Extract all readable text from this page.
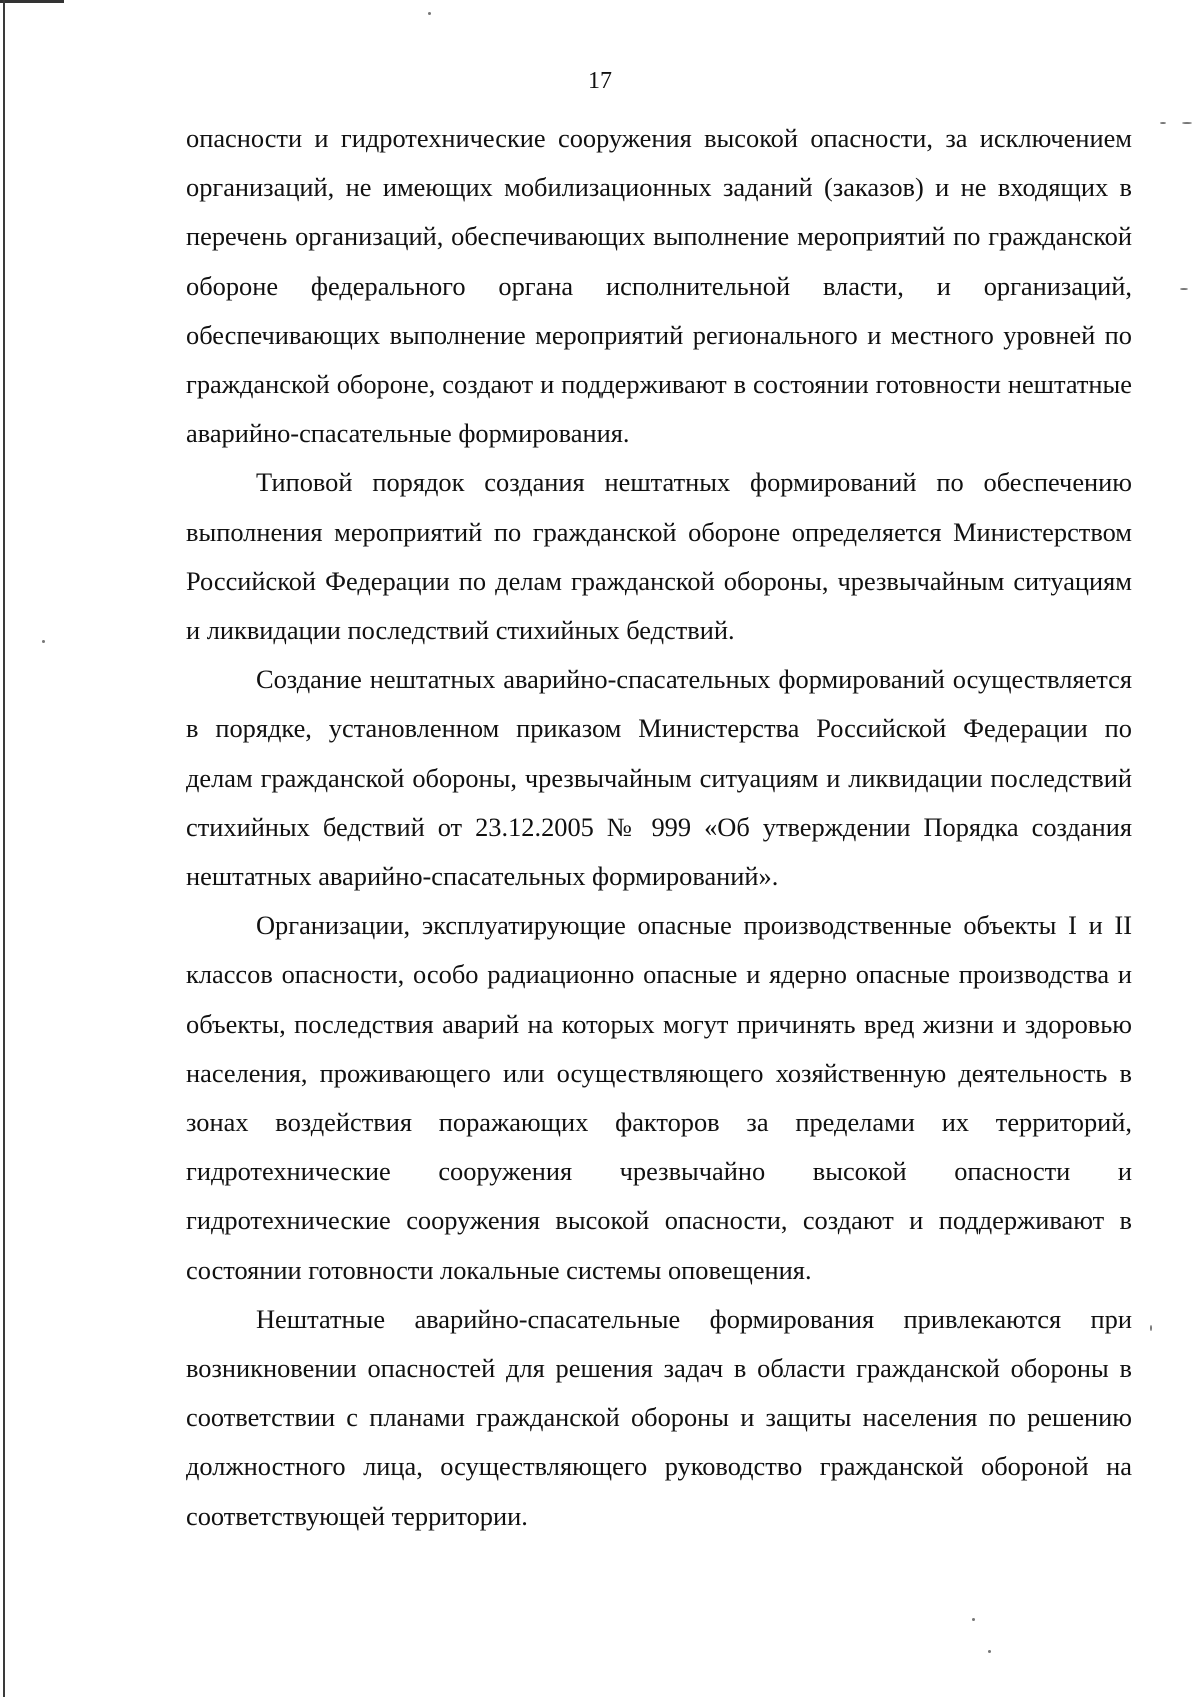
17

опасности и гидротехнические сооружения высокой опасности, за исключением организаций, не имеющих мобилизационных заданий (заказов) и не входящих в перечень организаций, обеспечивающих выполнение мероприятий по гражданской обороне федерального органа исполнительной власти, и организаций, обеспечивающих выполнение мероприятий регионального и местного уровней по гражданской обороне, создают и поддерживают в состоянии готовности нештатные аварийно-спасательные формирования.

Типовой порядок создания нештатных формирований по обеспечению выполнения мероприятий по гражданской обороне определяется Министерством Российской Федерации по делам гражданской обороны, чрезвычайным ситуациям и ликвидации последствий стихийных бедствий.

Создание нештатных аварийно-спасательных формирований осуществляется в порядке, установленном приказом Министерства Российской Федерации по делам гражданской обороны, чрезвычайным ситуациям и ликвидации последствий стихийных бедствий от 23.12.2005 № 999 «Об утверждении Порядка создания нештатных аварийно-спасательных формирований».

Организации, эксплуатирующие опасные производственные объекты I и II классов опасности, особо радиационно опасные и ядерно опасные производства и объекты, последствия аварий на которых могут причинять вред жизни и здоровью населения, проживающего или осуществляющего хозяйственную деятельность в зонах воздействия поражающих факторов за пределами их территорий, гидротехнические сооружения чрезвычайно высокой опасности и гидротехнические сооружения высокой опасности, создают и поддерживают в состоянии готовности локальные системы оповещения.

Нештатные аварийно-спасательные формирования привлекаются при возникновении опасностей для решения задач в области гражданской обороны в соответствии с планами гражданской обороны и защиты населения по решению должностного лица, осуществляющего руководство гражданской обороной на соответствующей территории.
